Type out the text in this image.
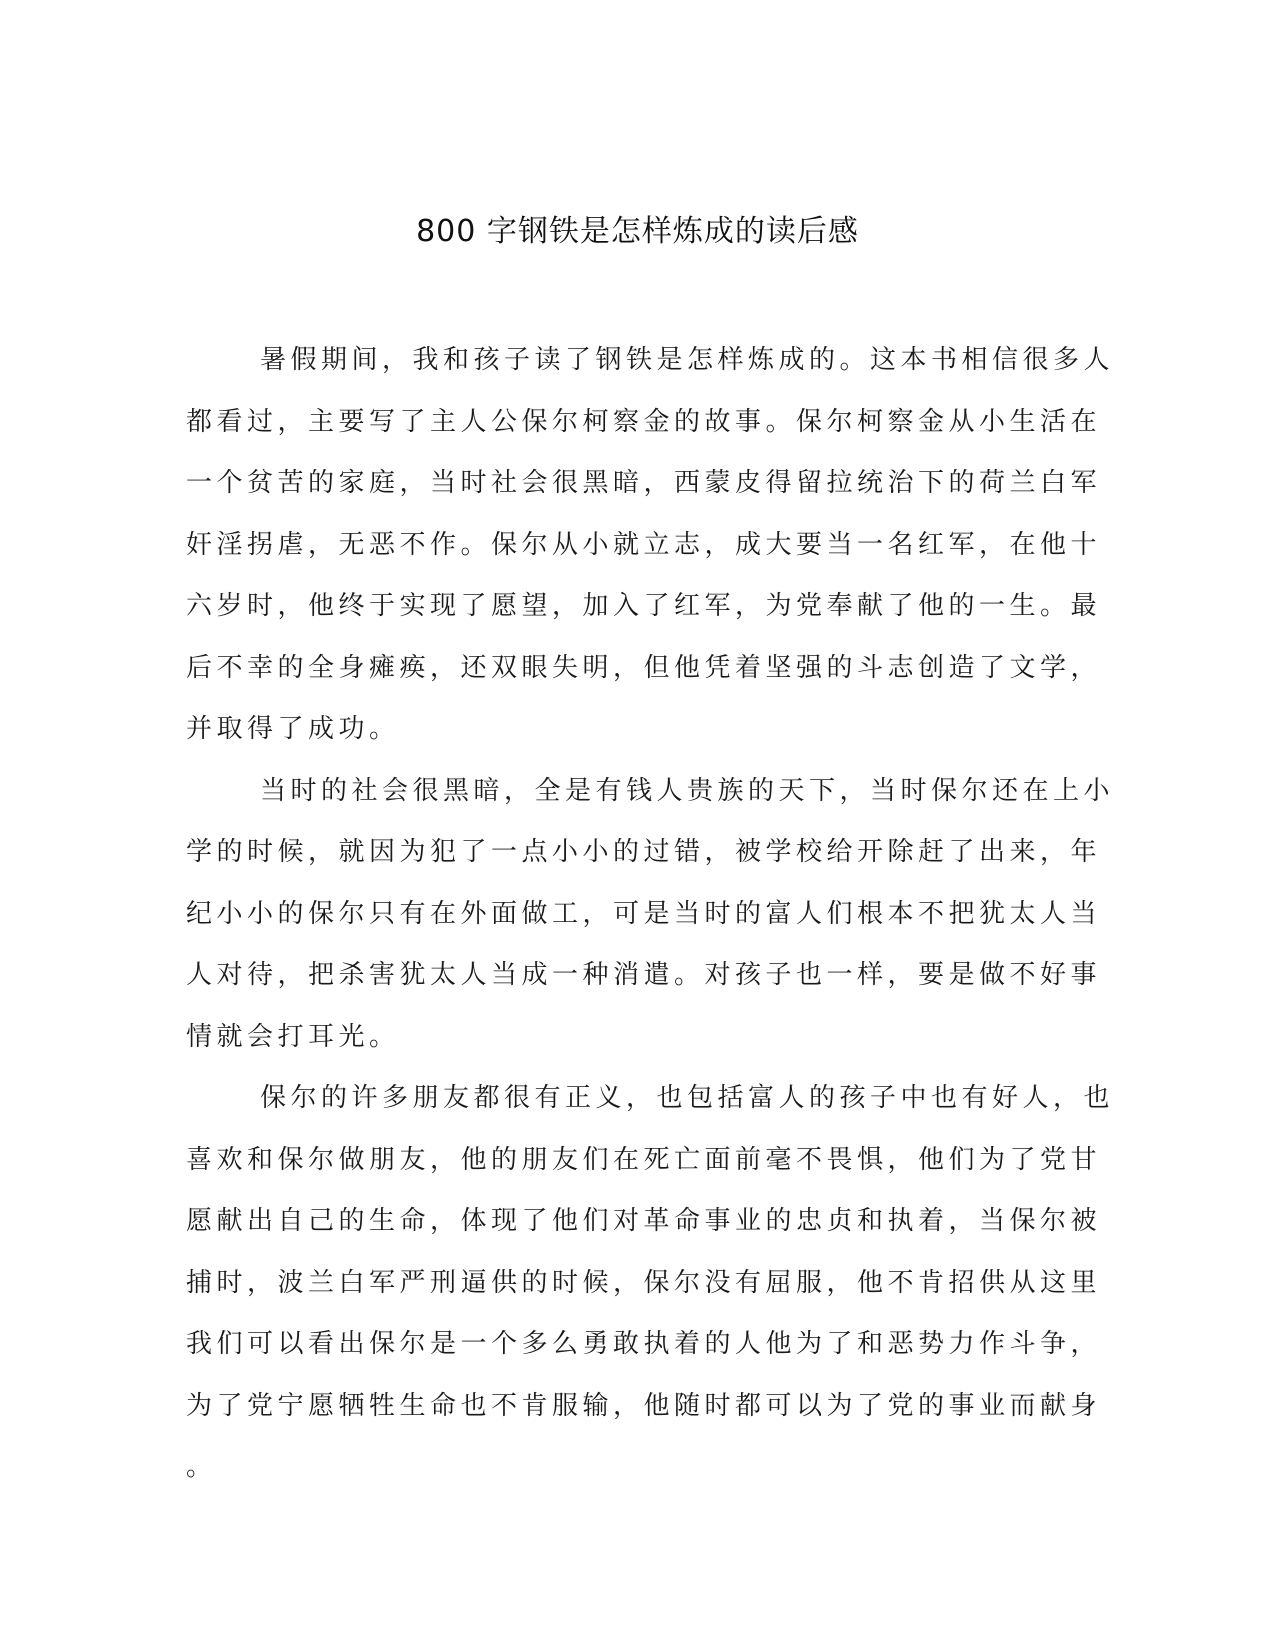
800 字钢铁是怎样炼成的读后感

暑假期间，我和孩子读了钢铁是怎样炼成的。这本书相信很多人
都看过，主要写了主人公保尔柯察金的故事。保尔柯察金从小生活在
一个贫苦的家庭，当时社会很黑暗，西蒙皮得留拉统治下的荷兰白军
奸淫拐虐，无恶不作。保尔从小就立志，成大要当一名红军，在他十
六岁时，他终于实现了愿望，加入了红军，为党奉献了他的一生。最
后不幸的全身瘫痪，还双眼失明，但他凭着坚强的斗志创造了文学，
并取得了成功。

当时的社会很黑暗，全是有钱人贵族的天下，当时保尔还在上小
学的时候，就因为犯了一点小小的过错，被学校给开除赶了出来，年
纪小小的保尔只有在外面做工，可是当时的富人们根本不把犹太人当
人对待，把杀害犹太人当成一种消遣。对孩子也一样，要是做不好事
情就会打耳光。

保尔的许多朋友都很有正义，也包括富人的孩子中也有好人，也
喜欢和保尔做朋友，他的朋友们在死亡面前毫不畏惧，他们为了党甘
愿献出自己的生命，体现了他们对革命事业的忠贞和执着，当保尔被
捕时，波兰白军严刑逼供的时候，保尔没有屈服，他不肯招供从这里
我们可以看出保尔是一个多么勇敢执着的人他为了和恶势力作斗争，
为了党宁愿牺牲生命也不肯服输，他随时都可以为了党的事业而献身
。
